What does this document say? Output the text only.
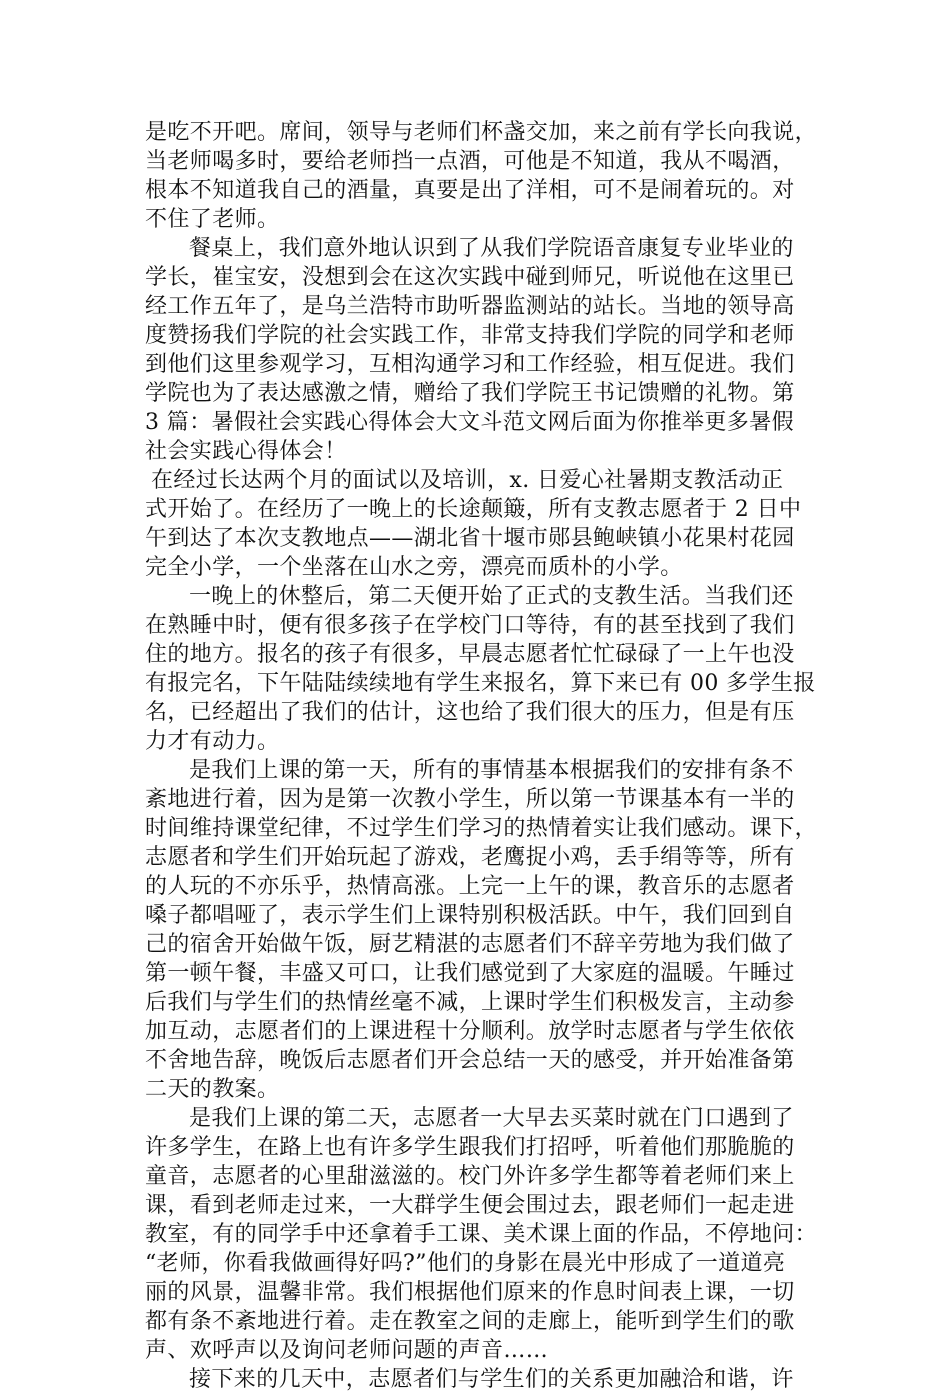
是吃不开吧。席间，领导与老师们杯盏交加，来之前有学长向我说，
当老师喝多时，要给老师挡一点酒，可他是不知道，我从不喝酒，
根本不知道我自己的酒量，真要是出了洋相，可不是闹着玩的。对
不住了老师。
餐桌上，我们意外地认识到了从我们学院语音康复专业毕业的
学长，崔宝安，没想到会在这次实践中碰到师兄，听说他在这里已
经工作五年了，是乌兰浩特市助听器监测站的站长。当地的领导高
度赞扬我们学院的社会实践工作，非常支持我们学院的同学和老师
到他们这里参观学习，互相沟通学习和工作经验，相互促进。我们
学院也为了表达感激之情，赠给了我们学院王书记馈赠的礼物。第
3 篇：暑假社会实践心得体会大文斗范文网后面为你推举更多暑假
社会实践心得体会！
在经过长达两个月的面试以及培训，x. 日爱心社暑期支教活动正
式开始了。在经历了一晚上的长途颠簸，所有支教志愿者于 2 日中
午到达了本次支教地点——湖北省十堰市郧县鲍峡镇小花果村花园
完全小学，一个坐落在山水之旁，漂亮而质朴的小学。
一晚上的休整后，第二天便开始了正式的支教生活。当我们还
在熟睡中时，便有很多孩子在学校门口等待，有的甚至找到了我们
住的地方。报名的孩子有很多，早晨志愿者忙忙碌碌了一上午也没
有报完名，下午陆陆续续地有学生来报名，算下来已有 00 多学生报
名，已经超出了我们的估计，这也给了我们很大的压力，但是有压
力才有动力。
是我们上课的第一天，所有的事情基本根据我们的安排有条不
紊地进行着，因为是第一次教小学生，所以第一节课基本有一半的
时间维持课堂纪律，不过学生们学习的热情着实让我们感动。课下，
志愿者和学生们开始玩起了游戏，老鹰捉小鸡，丢手绢等等，所有
的人玩的不亦乐乎，热情高涨。上完一上午的课，教音乐的志愿者
嗓子都唱哑了，表示学生们上课特别积极活跃。中午，我们回到自
己的宿舍开始做午饭，厨艺精湛的志愿者们不辞辛劳地为我们做了
第一顿午餐，丰盛又可口，让我们感觉到了大家庭的温暖。午睡过
后我们与学生们的热情丝毫不减，上课时学生们积极发言，主动参
加互动，志愿者们的上课进程十分顺利。放学时志愿者与学生依依
不舍地告辞，晚饭后志愿者们开会总结一天的感受，并开始准备第
二天的教案。
是我们上课的第二天，志愿者一大早去买菜时就在门口遇到了
许多学生，在路上也有许多学生跟我们打招呼，听着他们那脆脆的
童音，志愿者的心里甜滋滋的。校门外许多学生都等着老师们来上
课，看到老师走过来，一大群学生便会围过去，跟老师们一起走进
教室，有的同学手中还拿着手工课、美术课上面的作品，不停地问：
“老师，你看我做画得好吗?”他们的身影在晨光中形成了一道道亮
丽的风景，温馨非常。我们根据他们原来的作息时间表上课，一切
都有条不紊地进行着。走在教室之间的走廊上，能听到学生们的歌
声、欢呼声以及询问老师问题的声音……
接下来的几天中，志愿者们与学生们的关系更加融洽和谐，许
